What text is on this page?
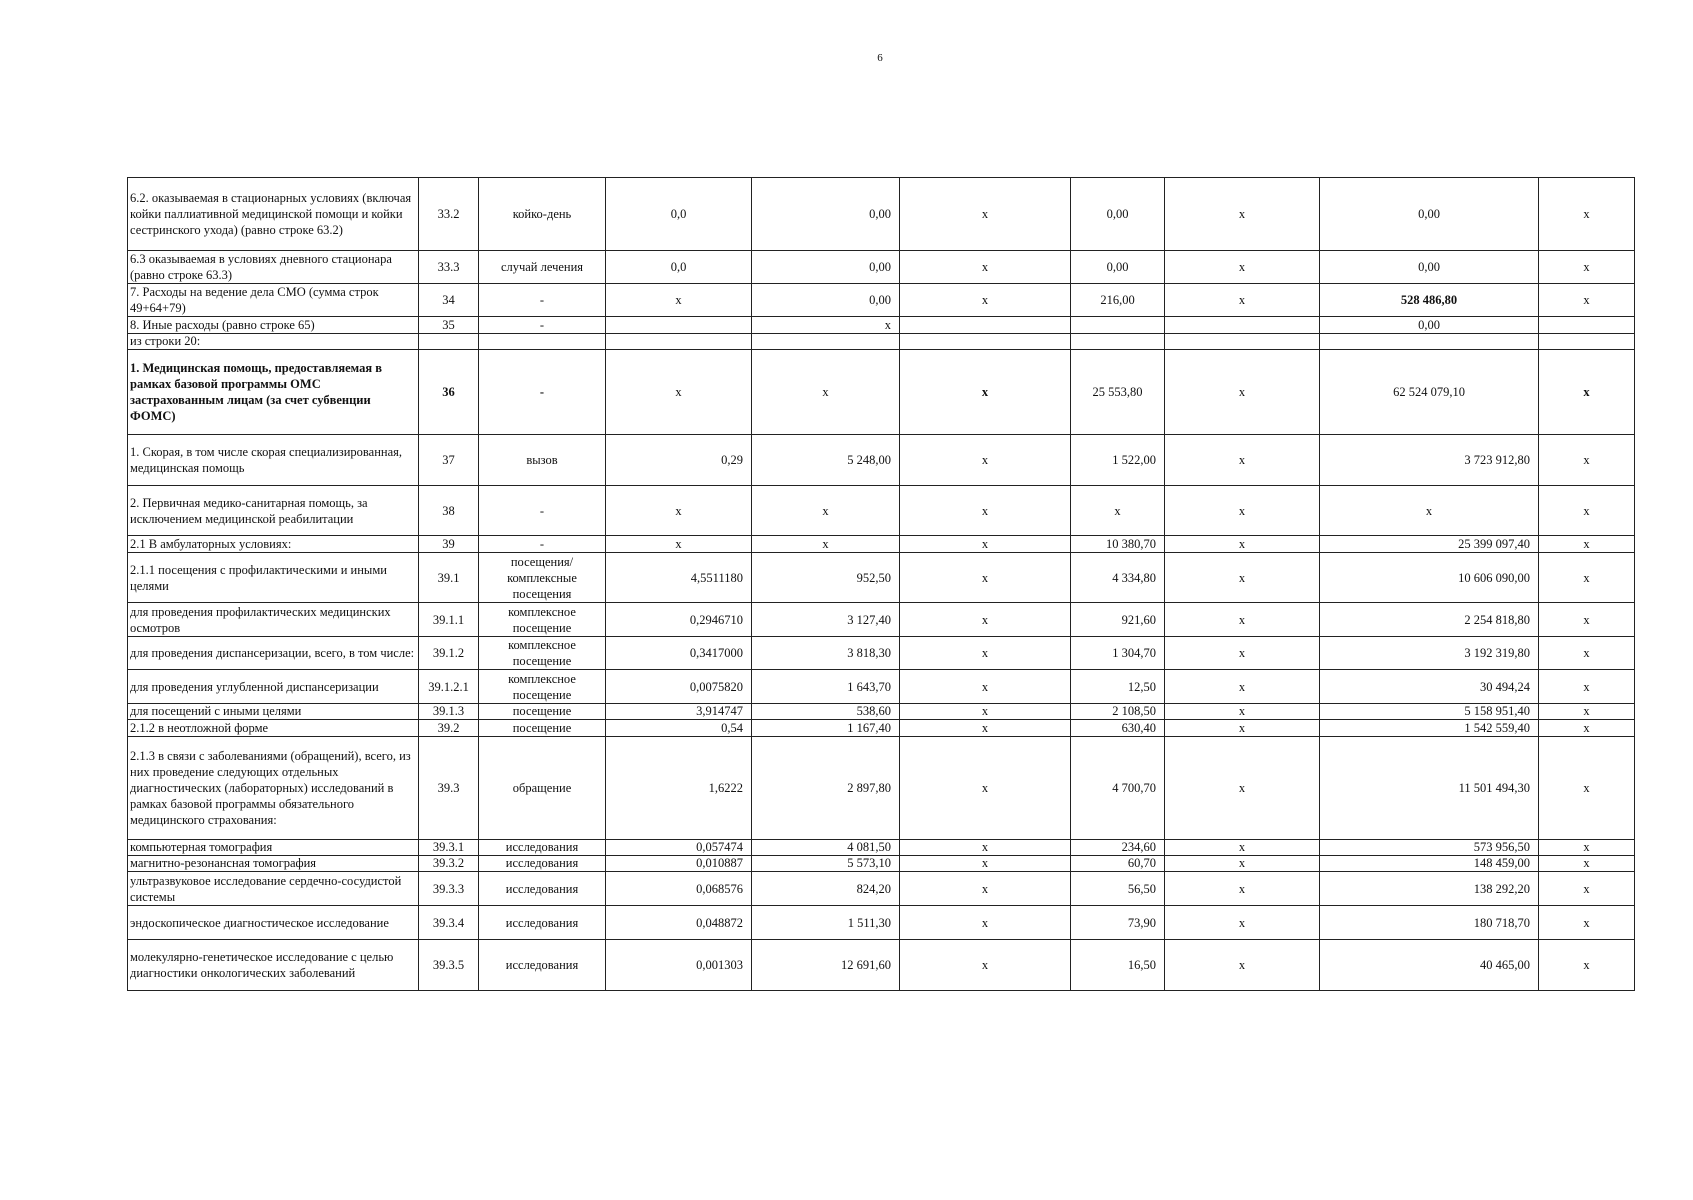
6
6.2. оказываемая в стационарных условиях (включая койки паллиативной медицинской помощи и койки сестринского ухода) (равно строке 63.2)	33.2	койко-день	0,0	0,00	x	0,00	x	0,00	x
6.3 оказываемая в условиях дневного стационара (равно строке 63.3)	33.3	случай лечения	0,0	0,00	x	0,00	x	0,00	x
7. Расходы на ведение дела СМО (сумма строк 49+64+79)	34	-	x	0,00	x	216,00	x	528 486,80	x
8. Иные расходы (равно строке 65)	35	-		x				0,00	
из строки 20:									
1. Медицинская помощь, предоставляемая в рамках базовой программы ОМС застрахованным лицам (за счет субвенции ФОМС)	36	-	x	x	x	25 553,80	x	62 524 079,10	x
1. Скорая, в том числе скорая специализированная, медицинская помощь	37	вызов	0,29	5 248,00	x	1 522,00	x	3 723 912,80	x
2. Первичная медико-санитарная помощь, за исключением медицинской реабилитации	38	-	x	x	x	x	x	x	x
2.1 В амбулаторных условиях:	39	-	x	x	x	10 380,70	x	25 399 097,40	x
2.1.1 посещения с профилактическими и иными целями	39.1	посещения/комплексные посещения	4,5511180	952,50	x	4 334,80	x	10 606 090,00	x
для проведения профилактических медицинских осмотров	39.1.1	комплексное посещение	0,2946710	3 127,40	x	921,60	x	2 254 818,80	x
для проведения диспансеризации, всего, в том числе:	39.1.2	комплексное посещение	0,3417000	3 818,30	x	1 304,70	x	3 192 319,80	x
для проведения углубленной диспансеризации	39.1.2.1	комплексное посещение	0,0075820	1 643,70	x	12,50	x	30 494,24	x
для посещений с иными целями	39.1.3	посещение	3,914747	538,60	x	2 108,50	x	5 158 951,40	x
2.1.2 в неотложной форме	39.2	посещение	0,54	1 167,40	x	630,40	x	1 542 559,40	x
2.1.3 в связи с заболеваниями (обращений), всего, из них проведение следующих отдельных диагностических (лабораторных) исследований в рамках базовой программы обязательного медицинского страхования:	39.3	обращение	1,6222	2 897,80	x	4 700,70	x	11 501 494,30	x
компьютерная томография	39.3.1	исследования	0,057474	4 081,50	x	234,60	x	573 956,50	x
магнитно-резонансная томография	39.3.2	исследования	0,010887	5 573,10	x	60,70	x	148 459,00	x
ультразвуковое исследование сердечно-сосудистой системы	39.3.3	исследования	0,068576	824,20	x	56,50	x	138 292,20	x
эндоскопическое диагностическое исследование	39.3.4	исследования	0,048872	1 511,30	x	73,90	x	180 718,70	x
молекулярно-генетическое исследование с целью диагностики онкологических заболеваний	39.3.5	исследования	0,001303	12 691,60	x	16,50	x	40 465,00	x
